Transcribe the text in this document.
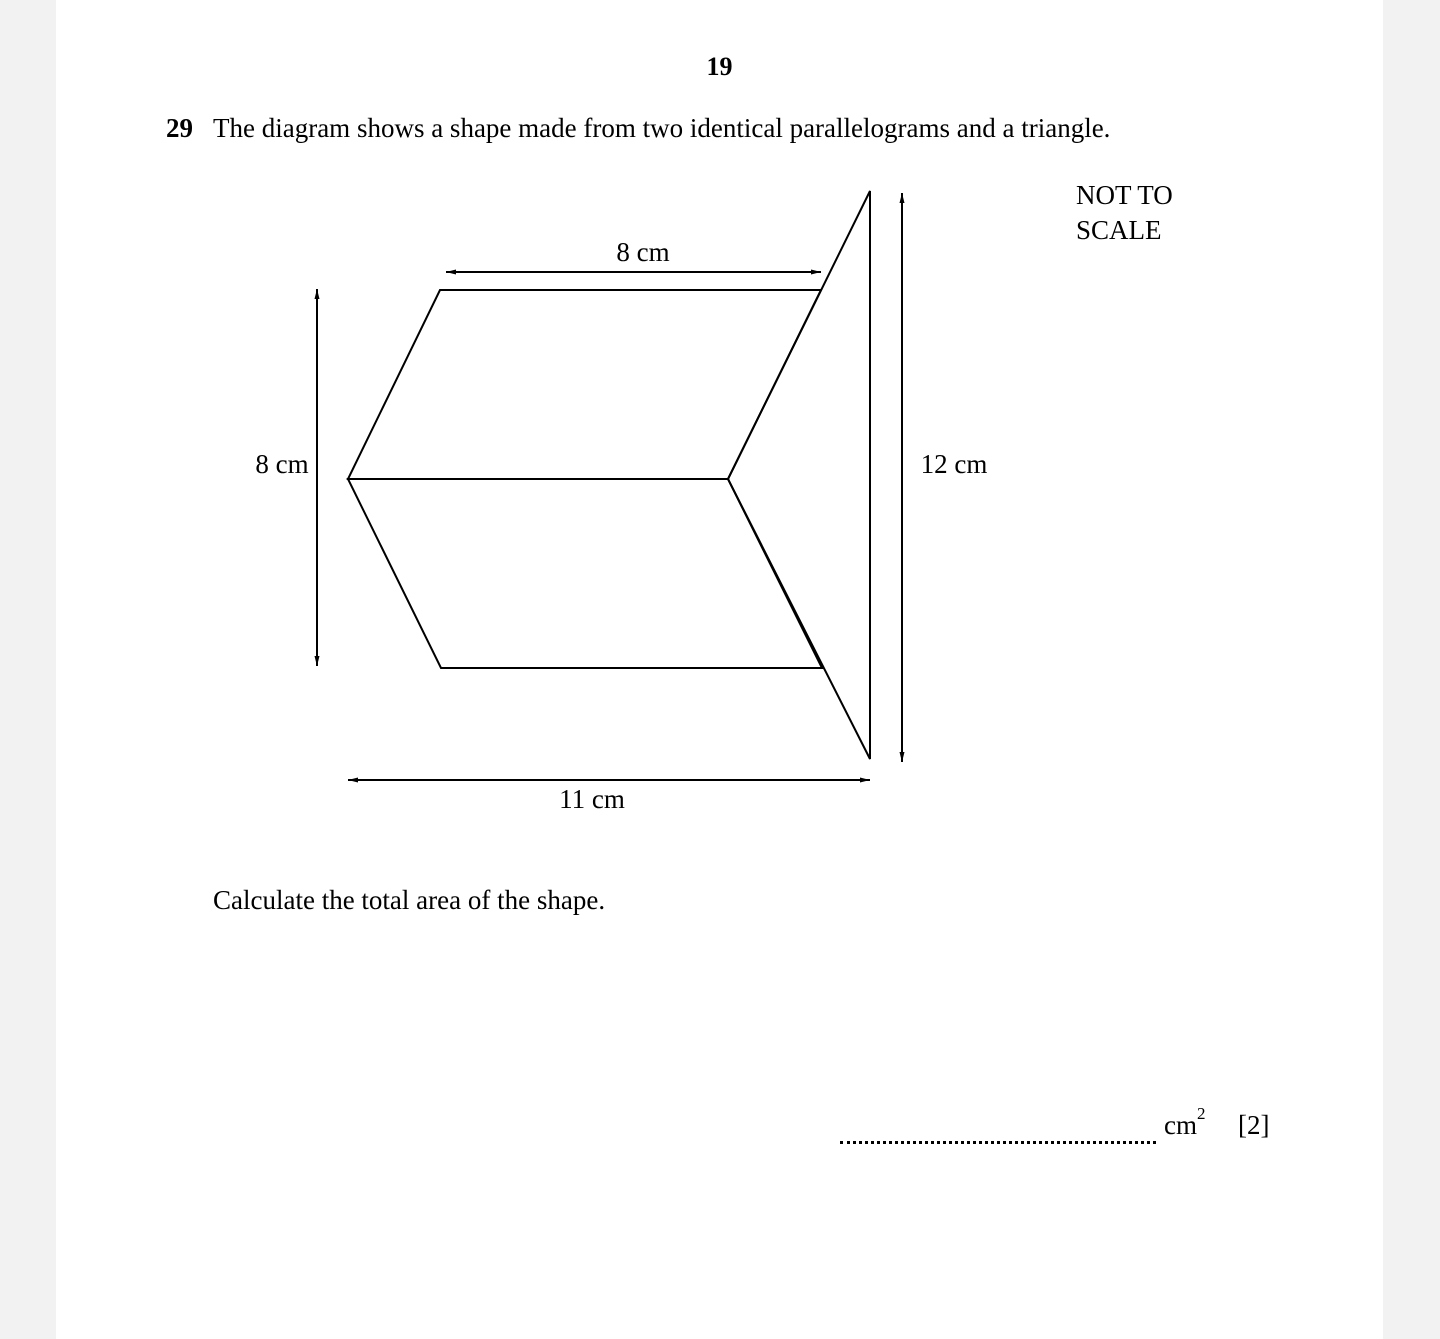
19
29 The diagram shows a shape made from two identical parallelograms and a triangle.
NOT TO
SCALE
8 cm
8 cm	12 cm
11 cm
Calculate the total area of the shape.
$cm^2$ [2]
